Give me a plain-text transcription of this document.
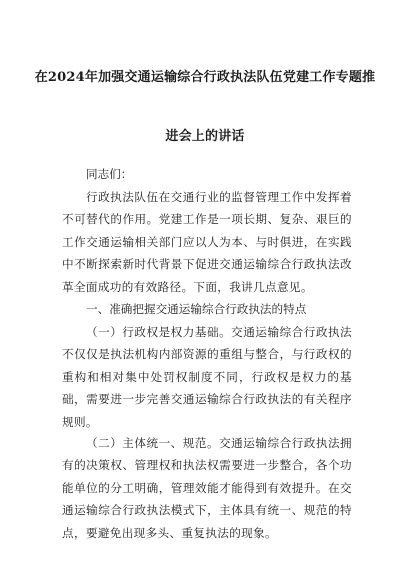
在2024年加强交通运输综合行政执法队伍党建工作专题推
进会上的讲话
同志们：
行政执法队伍在交通行业的监督管理工作中发挥着不可替代的作用。党建工作是一项长期、复杂、艰巨的工作交通运输相关部门应以人为本、与时俱进，在实践中不断探索新时代背景下促进交通运输综合行政执法改革全面成功的有效路径。下面，我讲几点意见。
一、准确把握交通运输综合行政执法的特点
（一）行政权是权力基础。交通运输综合行政执法不仅仅是执法机构内部资源的重组与整合，与行政权的重构和相对集中处罚权制度不同，行政权是权力的基础，需要进一步完善交通运输综合行政执法的有关程序规则。
（二）主体统一、规范。交通运输综合行政执法拥有的决策权、管理权和执法权需要进一步整合，各个功能单位的分工明确，管理效能才能得到有效提升。在交通运输综合行政执法模式下，主体具有统一、规范的特点，要避免出现多头、重复执法的现象。
